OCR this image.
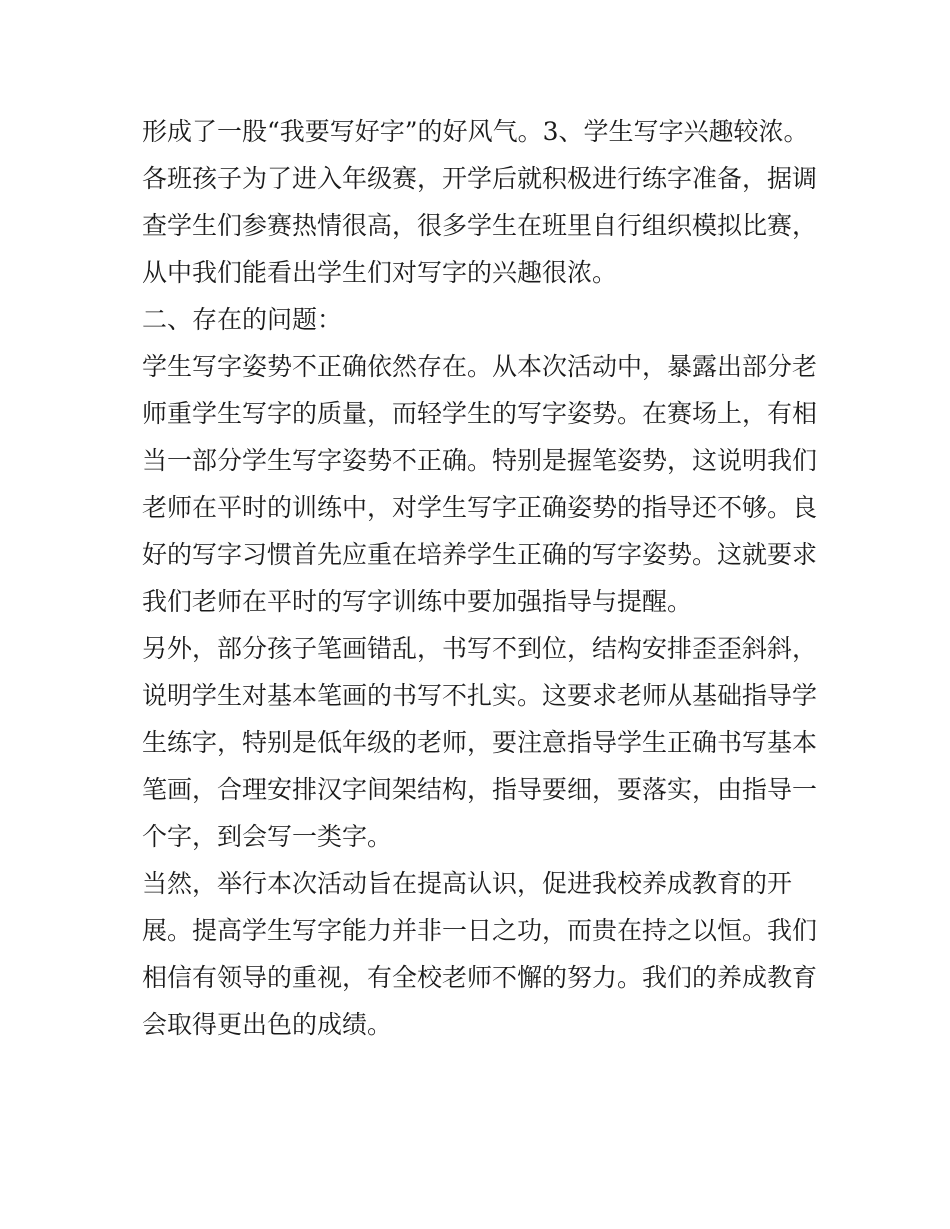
形成了一股“我要写好字”的好风气。3、学生写字兴趣较浓。
各班孩子为了进入年级赛，开学后就积极进行练字准备，据调
查学生们参赛热情很高，很多学生在班里自行组织模拟比赛，
从中我们能看出学生们对写字的兴趣很浓。
二、存在的问题：
学生写字姿势不正确依然存在。从本次活动中，暴露出部分老
师重学生写字的质量，而轻学生的写字姿势。在赛场上，有相
当一部分学生写字姿势不正确。特别是握笔姿势，这说明我们
老师在平时的训练中，对学生写字正确姿势的指导还不够。良
好的写字习惯首先应重在培养学生正确的写字姿势。这就要求
我们老师在平时的写字训练中要加强指导与提醒。
另外，部分孩子笔画错乱，书写不到位，结构安排歪歪斜斜，
说明学生对基本笔画的书写不扎实。这要求老师从基础指导学
生练字，特别是低年级的老师，要注意指导学生正确书写基本
笔画，合理安排汉字间架结构，指导要细，要落实，由指导一
个字，到会写一类字。
当然，举行本次活动旨在提高认识，促进我校养成教育的开
展。提高学生写字能力并非一日之功，而贵在持之以恒。我们
相信有领导的重视，有全校老师不懈的努力。我们的养成教育
会取得更出色的成绩。
